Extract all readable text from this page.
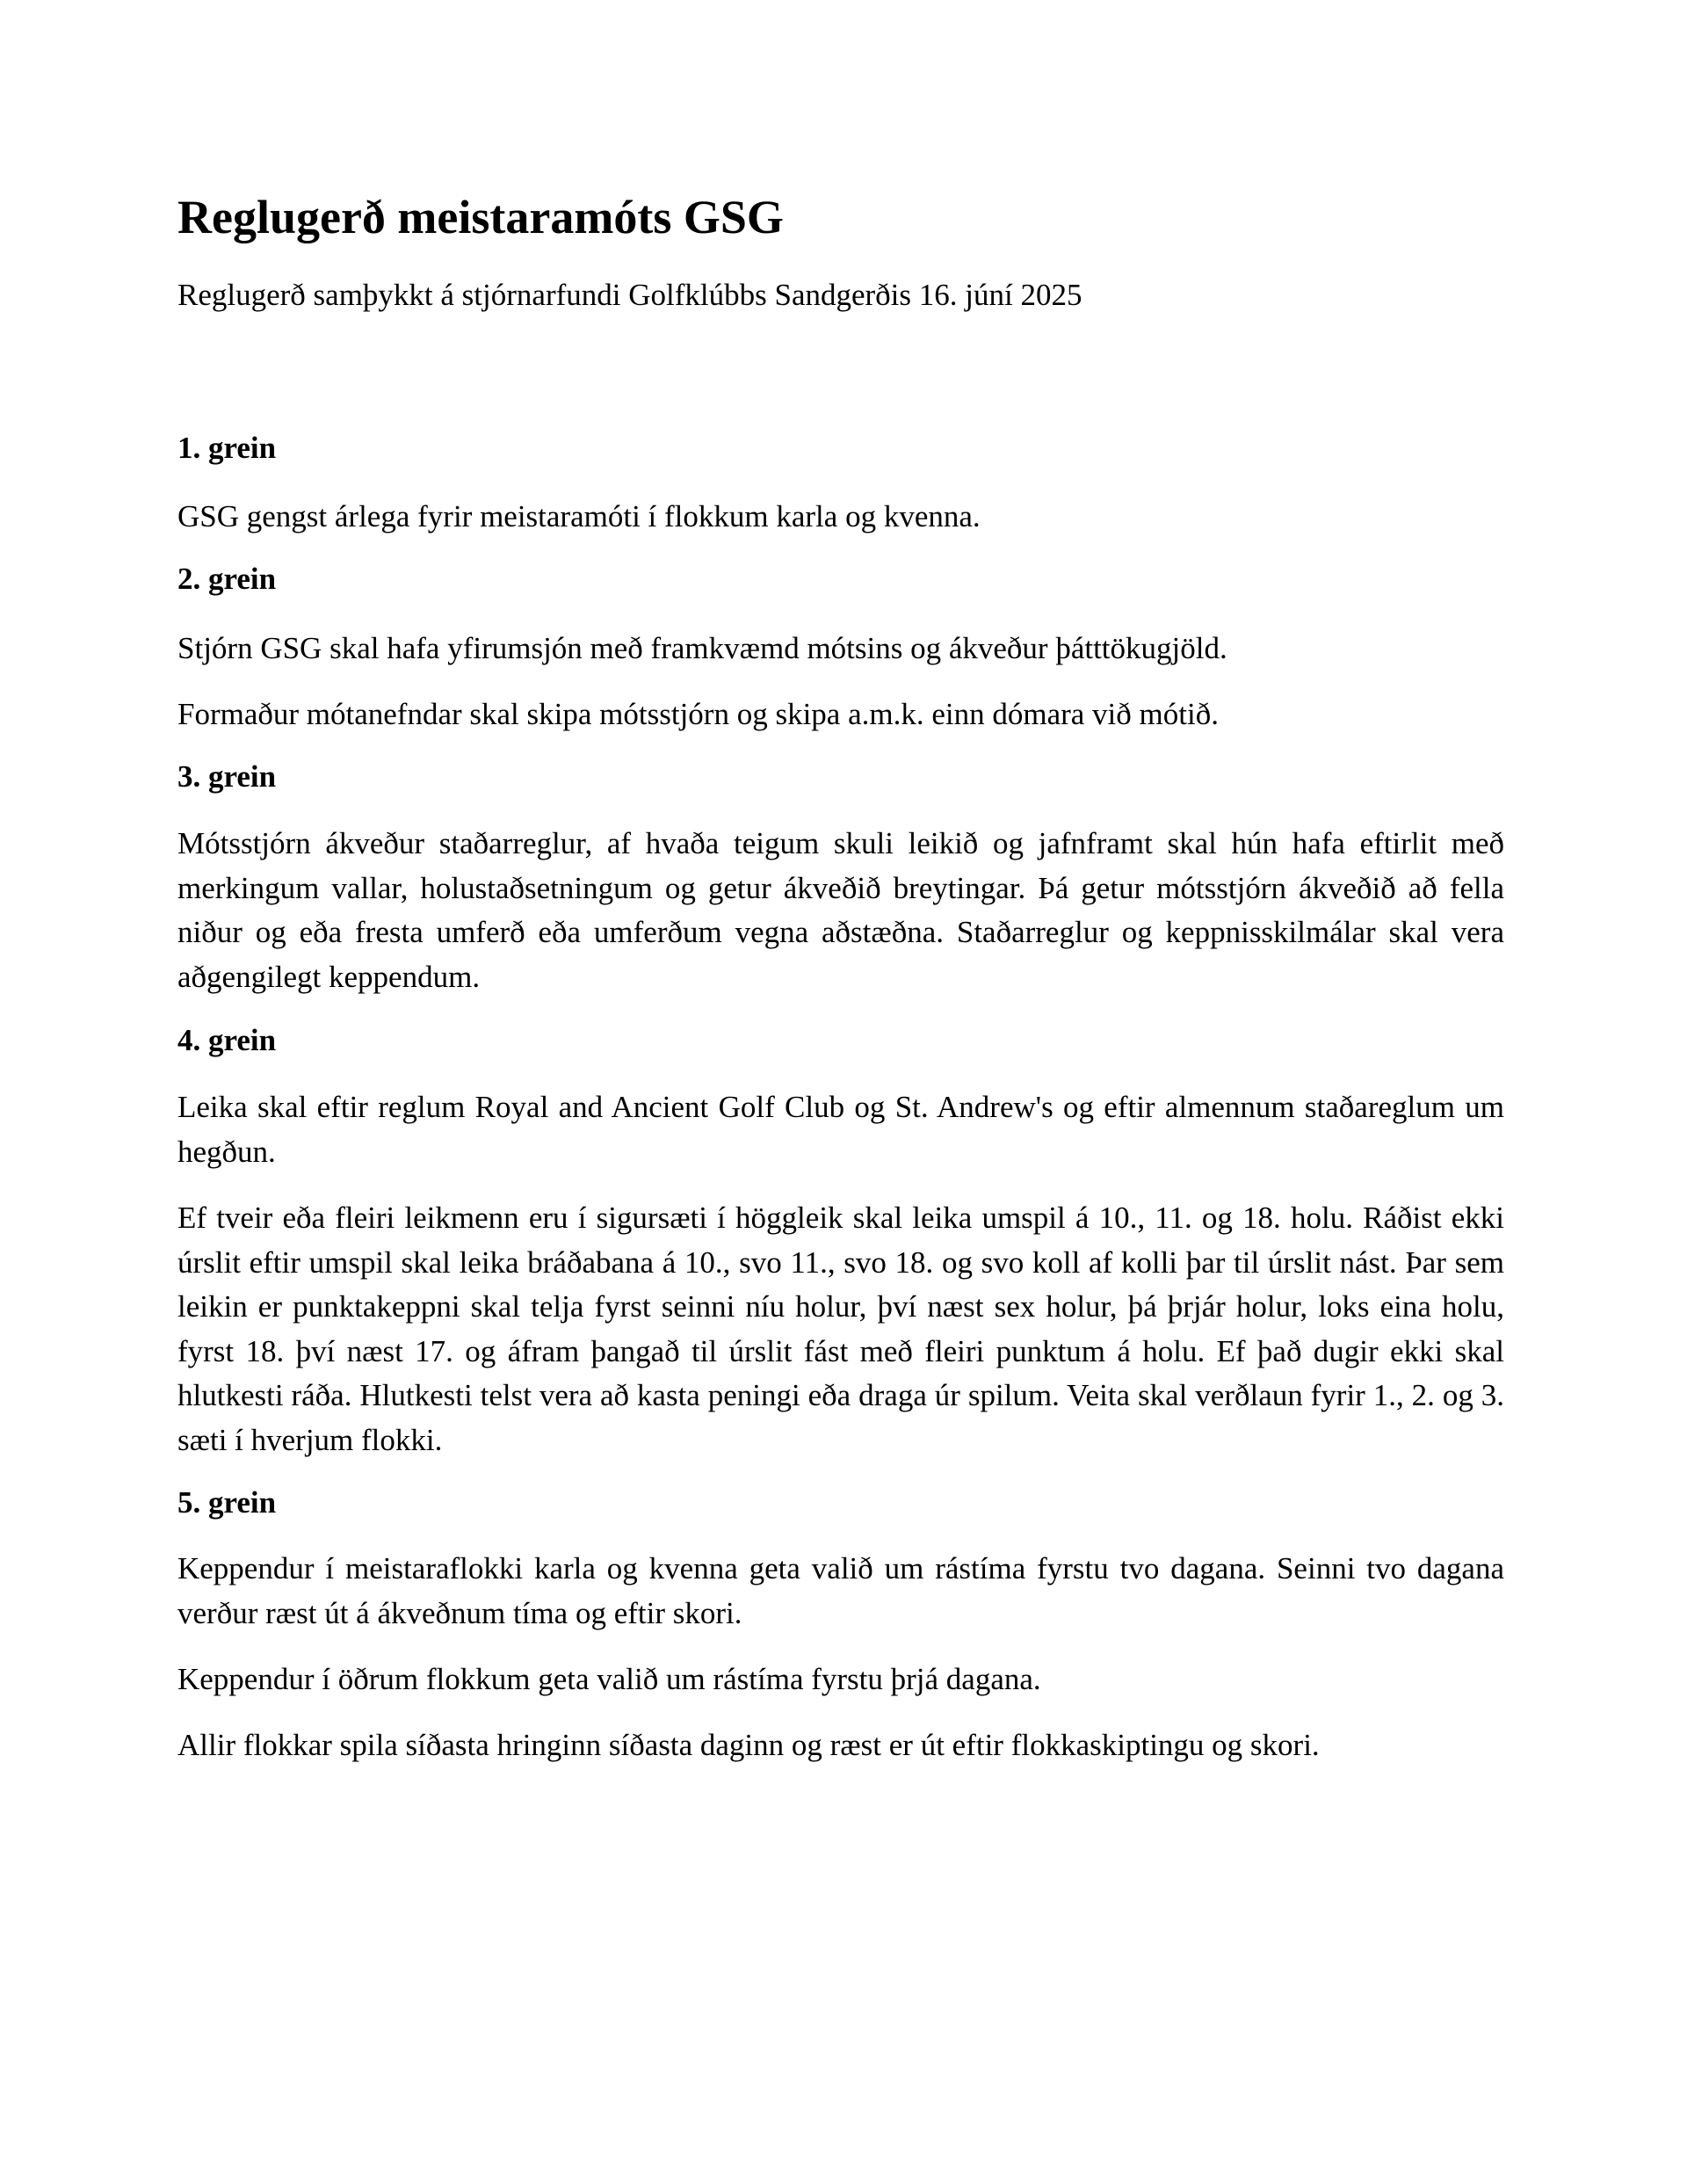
Reglugerð meistaramóts GSG

Reglugerð samþykkt á stjórnarfundi Golfklúbbs Sandgerðis 16. júní 2025

1. grein

GSG gengst árlega fyrir meistaramóti í flokkum karla og kvenna.

2. grein

Stjórn GSG skal hafa yfirumsjón með framkvæmd mótsins og ákveður þátttökugjöld.

Formaður mótanefndar skal skipa mótsstjórn og skipa a.m.k. einn dómara við mótið.

3. grein

Mótsstjórn ákveður staðarreglur, af hvaða teigum skuli leikið og jafnframt skal hún hafa eftirlit með merkingum vallar, holustaðsetningum og getur ákveðið breytingar. Þá getur mótsstjórn ákveðið að fella niður og eða fresta umferð eða umferðum vegna aðstæðna. Staðarreglur og keppnisskilmálar skal vera aðgengilegt keppendum.

4. grein

Leika skal eftir reglum Royal and Ancient Golf Club og St. Andrew's og eftir almennum staðareglum um hegðun.

Ef tveir eða fleiri leikmenn eru í sigursæti í höggleik skal leika umspil á 10., 11. og 18. holu. Ráðist ekki úrslit eftir umspil skal leika bráðabana á 10., svo 11., svo 18. og svo koll af kolli þar til úrslit nást. Þar sem leikin er punktakeppni skal telja fyrst seinni níu holur, því næst sex holur, þá þrjár holur, loks eina holu, fyrst 18. því næst 17. og áfram þangað til úrslit fást með fleiri punktum á holu. Ef það dugir ekki skal hlutkesti ráða. Hlutkesti telst vera að kasta peningi eða draga úr spilum. Veita skal verðlaun fyrir 1., 2. og 3. sæti í hverjum flokki.

5. grein

Keppendur í meistaraflokki karla og kvenna geta valið um rástíma fyrstu tvo dagana. Seinni tvo dagana verður ræst út á ákveðnum tíma og eftir skori.

Keppendur í öðrum flokkum geta valið um rástíma fyrstu þrjá dagana.

Allir flokkar spila síðasta hringinn síðasta daginn og ræst er út eftir flokkaskiptingu og skori.
